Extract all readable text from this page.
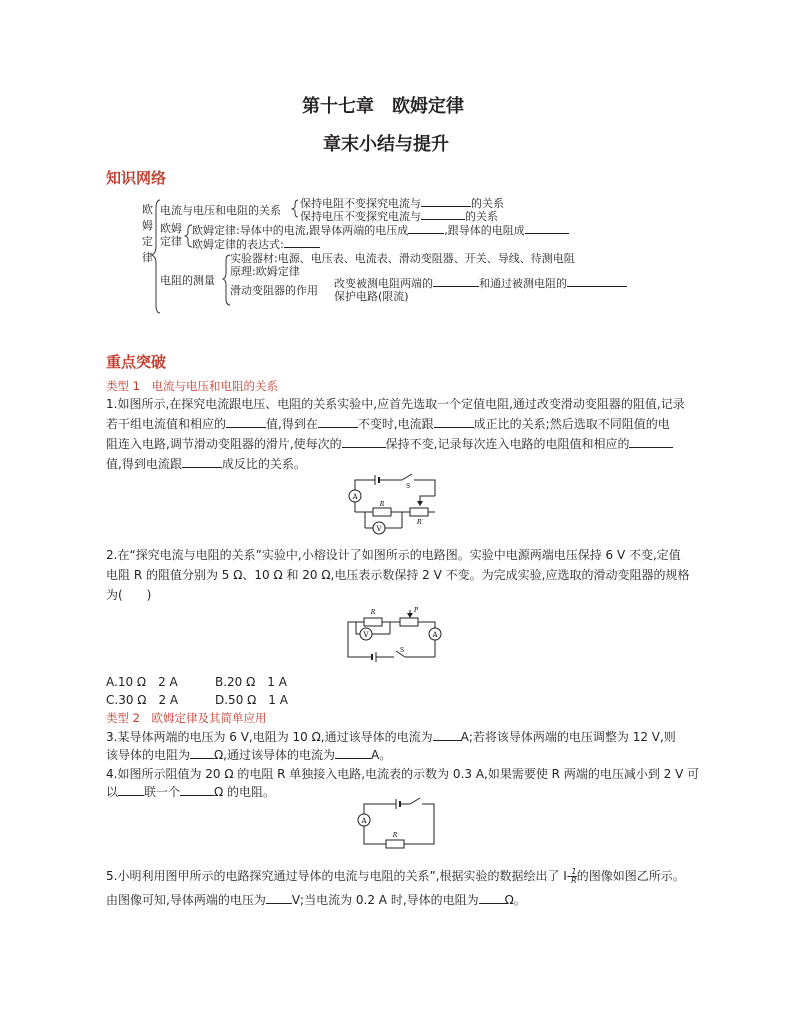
第十七章　欧姆定律
章末小结与提升
知识网络
欧
姆
定
律
电流与电压和电阻的关系
保持电阻不变探究电流与	的关系
保持电压不变探究电流与	的关系
欧姆
定律
欧姆定律:导体中的电流,跟导体两端的电压成	,跟导体的电阻成
欧姆定律的表达式:
电阻的测量
实验器材:电源、电压表、电流表、滑动变阻器、开关、导线、待测电阻
原理:欧姆定律
滑动变阻器的作用
改变被测电阻两端的	和通过被测电阻的
保护电路(限流)
重点突破
类型 1　电流与电压和电阻的关系
1.如图所示,在探究电流跟电压、电阻的关系实验中,应首先选取一个定值电阻,通过改变滑动变阻器的阻值,记录
若干组电流值和相应的	值,得到在	不变时,电流跟	成正比的关系;然后选取不同阻值的电
阻连入电路,调节滑动变阻器的滑片,使每次的	保持不变,记录每次连入电路的电阻值和相应的
值,得到电流跟	成反比的关系。
A
V
R
R′
S
2.在“探究电流与电阻的关系”实验中,小榕设计了如图所示的电路图。实验中电源两端电压保持 6 V 不变,定值
电阻 R 的阻值分别为 5 Ω、10 Ω 和 20 Ω,电压表示数保持 2 V 不变。为完成实验,应选取的滑动变阻器的规格
为(　　)
V	A
R	P
S
A.10 Ω　2 A	B.20 Ω　1 A
C.30 Ω　2 A	D.50 Ω　1 A
类型 2　欧姆定律及其简单应用
3.某导体两端的电压为 6 V,电阻为 10 Ω,通过该导体的电流为 A;若将该导体两端的电压调整为 12 V,则
该导体的电阻为 Ω,通过该导体的电流为	A。
4.如图所示阻值为 20 Ω 的电阻 R 单独接入电路,电流表的示数为 0.3 A,如果需要使 R 两端的电压减小到 2 V 可
以 联一个	Ω 的电阻。
A
R
5.小明利用图甲所示的电路探究通过导体的电流与电阻的关系”,根据实验的数据绘出了 $I- \frac{1}{R}$ 的图像如图乙所示。
由图像可知,导体两端的电压为 V;当电流为 0.2 A 时,导体的电阻为 Ω。
